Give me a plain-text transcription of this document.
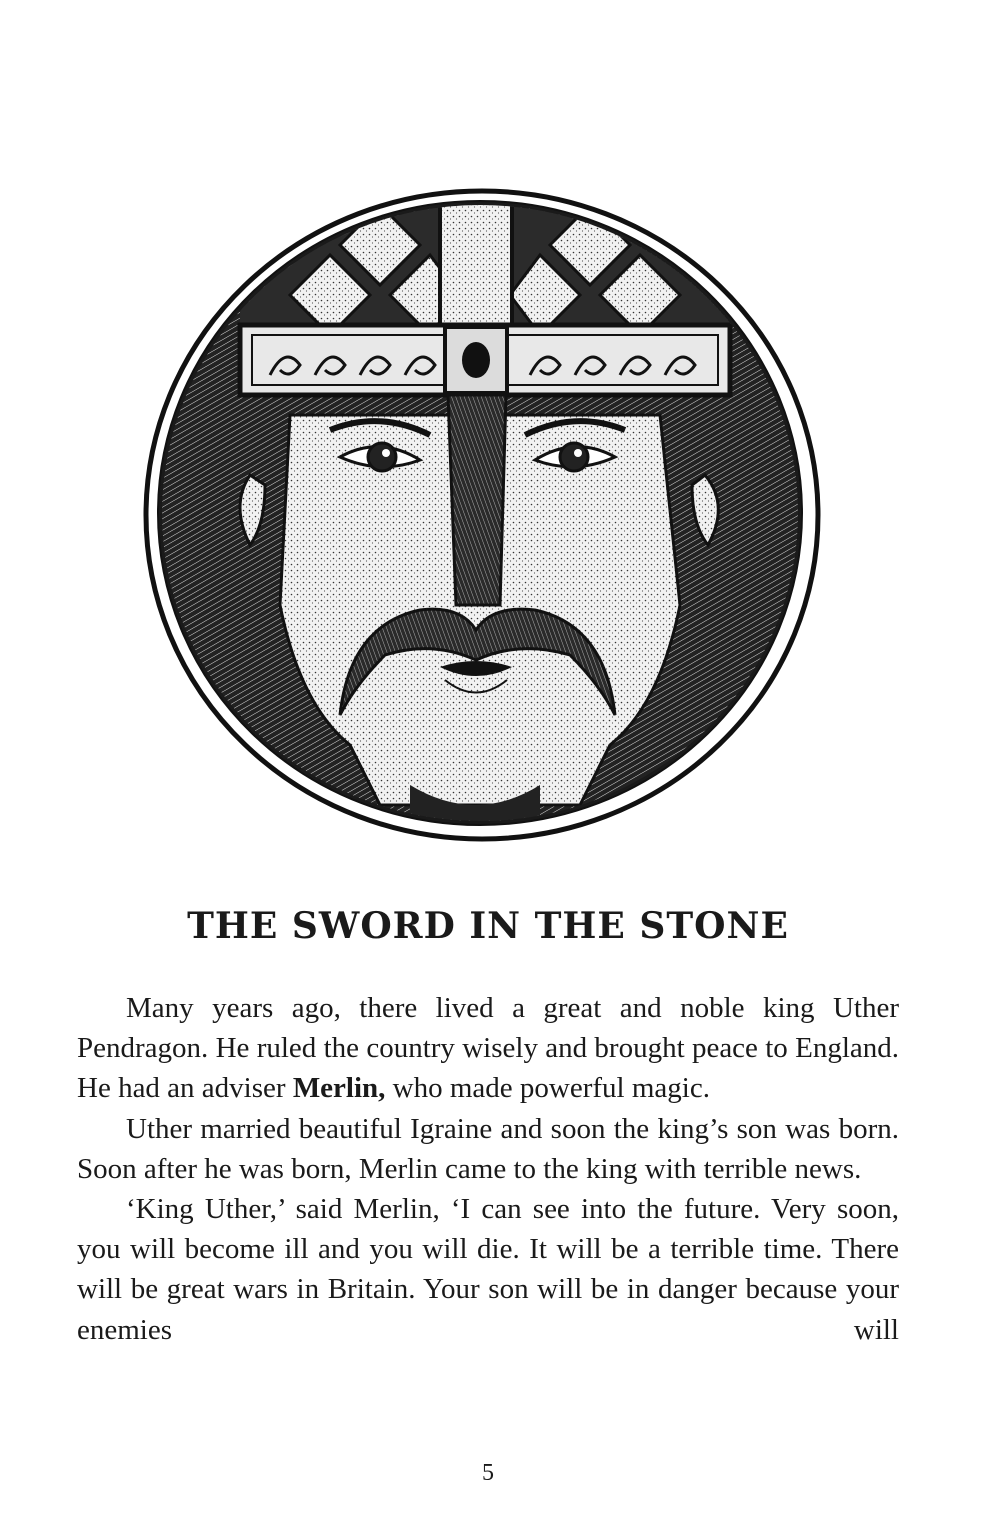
THE SWORD IN THE STONE

Many years ago, there lived a great and noble king Uther Pendragon. He ruled the country wisely and brought peace to England. He had an adviser Merlin, who made powerful magic.

Uther married beautiful Igraine and soon the king’s son was born. Soon after he was born, Merlin came to the king with terrible news.

‘King Uther,’ said Merlin, ‘I can see into the future. Very soon, you will become ill and you will die. It will be a terrible time. There will be great wars in Britain. Your son will be in danger because your enemies will

5
